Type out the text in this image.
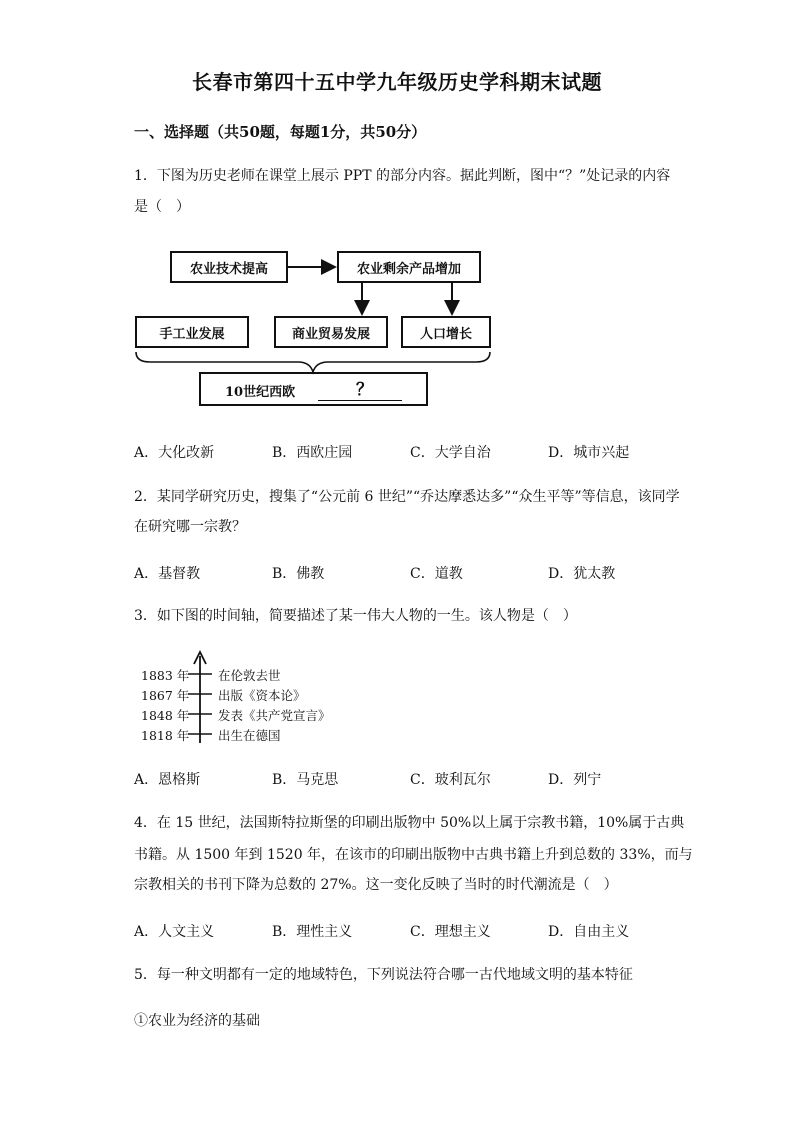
长春市第四十五中学九年级历史学科期末试题
一、选择题（共50题，每题1分，共50分）
1．下图为历史老师在课堂上展示 PPT 的部分内容。据此判断，图中“？”处记录的内容
是（　）
农业技术提高	农业剩余产品增加
手工业发展	商业贸易发展	人口增长
10世纪西欧	？
A．大化改新	B．西欧庄园	C．大学自治	D．城市兴起
2．某同学研究历史，搜集了“公元前 6 世纪”“乔达摩悉达多”“众生平等”等信息，该同学
在研究哪一宗教？
A．基督教	B．佛教	C．道教	D．犹太教
3．如下图的时间轴，简要描述了某一伟大人物的一生。该人物是（　）
1883 年 在伦敦去世
1867 年 出版《资本论》
1848 年 发表《共产党宣言》
1818 年 出生在德国
A．恩格斯	B．马克思	C．玻利瓦尔	D．列宁
4．在 15 世纪，法国斯特拉斯堡的印刷出版物中 50%以上属于宗教书籍，10%属于古典
书籍。从 1500 年到 1520 年，在该市的印刷出版物中古典书籍上升到总数的 33%，而与
宗教相关的书刊下降为总数的 27%。这一变化反映了当时的时代潮流是（　）
A．人文主义	B．理性主义	C．理想主义	D．自由主义
5．每一种文明都有一定的地域特色，下列说法符合哪一古代地域文明的基本特征
①农业为经济的基础
